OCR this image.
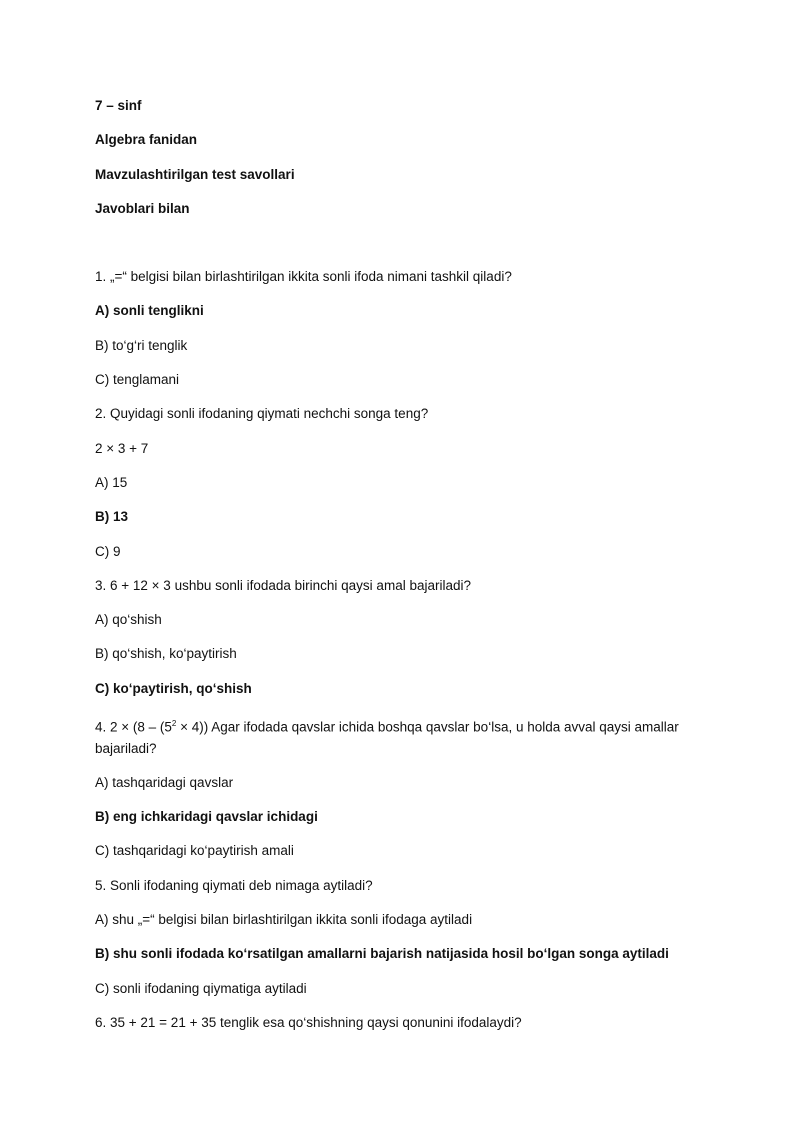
7 – sinf
Algebra fanidan
Mavzulashtirilgan test savollari
Javoblari bilan
1. „=“ belgisi bilan birlashtirilgan ikkita sonli ifoda nimani tashkil qiladi?
A) sonli tenglikni
B) to‘g‘ri tenglik
C) tenglamani
2. Quyidagi sonli ifodaning qiymati nechchi songa teng?
2 × 3 + 7
A) 15
B) 13
C) 9
3. 6 + 12 × 3 ushbu sonli ifodada birinchi qaysi amal bajariladi?
A) qo‘shish
B) qo‘shish, ko‘paytirish
C) ko‘paytirish, qo‘shish
4. $2 \times (8 - (5^2 \times 4))$ Agar ifodada qavslar ichida boshqa qavslar bo‘lsa, u holda avval qaysi amallar bajariladi?
A) tashqaridagi qavslar
B) eng ichkaridagi qavslar ichidagi
C) tashqaridagi ko‘paytirish amali
5. Sonli ifodaning qiymati deb nimaga aytiladi?
A) shu „=“ belgisi bilan birlashtirilgan ikkita sonli ifodaga aytiladi
B) shu sonli ifodada ko‘rsatilgan amallarni bajarish natijasida hosil bo‘lgan songa aytiladi
C) sonli ifodaning qiymatiga aytiladi
6. 35 + 21 = 21 + 35 tenglik esa qo‘shishning qaysi qonunini ifodalaydi?
